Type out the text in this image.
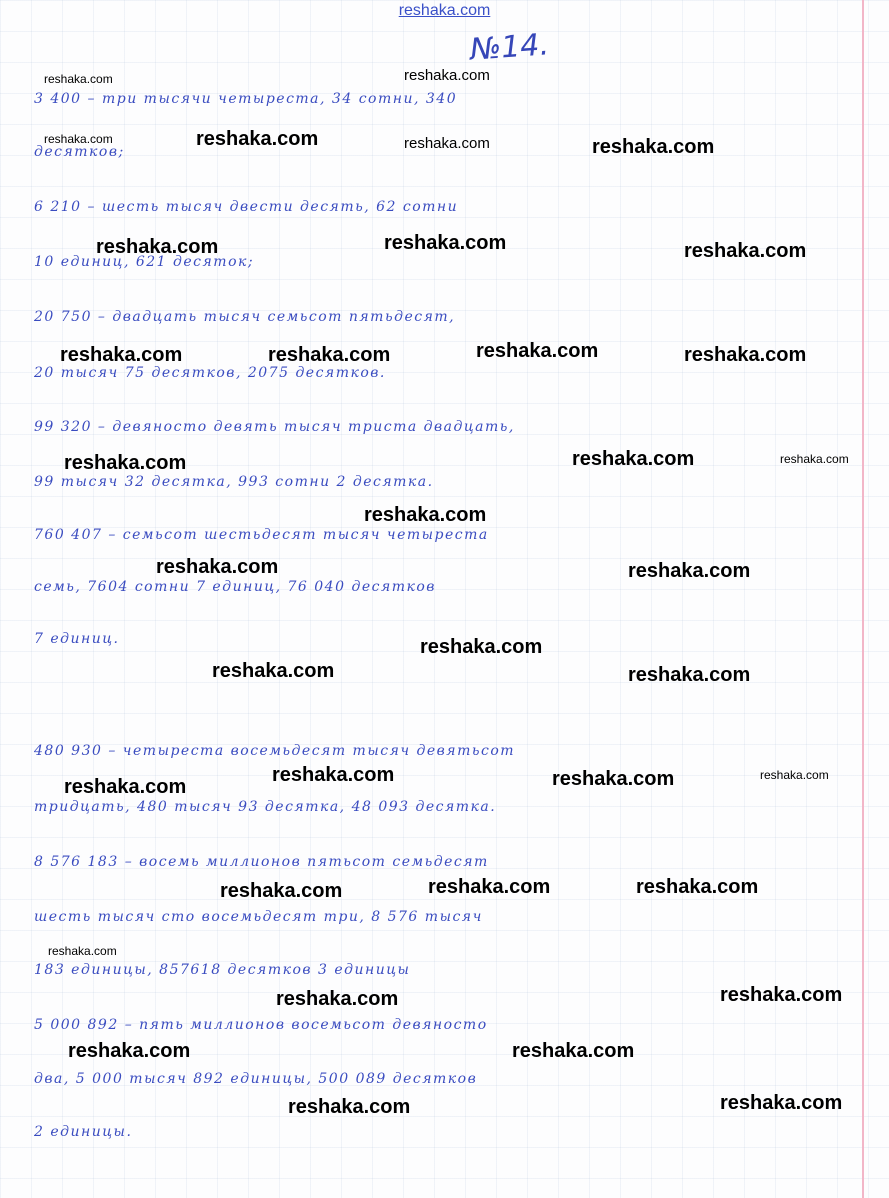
reshaka.com
№14.
3 400 – три тысячи четыреста, 34 сотни, 340
десятков;
6 210 – шесть тысяч двести десять, 62 сотни
10 единиц, 621 десяток;
20 750 – двадцать тысяч семьсот пятьдесят,
20 тысяч 75 десятков, 2075 десятков.
99 320 – девяносто девять тысяч триста двадцать,
99 тысяч 32 десятка, 993 сотни 2 десятка.
760 407 – семьсот шестьдесят тысяч четыреста
семь, 7604 сотни 7 единиц, 76 040 десятков
7 единиц.
480 930 – четыреста восемьдесят тысяч девятьсот
тридцать, 480 тысяч 93 десятка, 48 093 десятка.
8 576 183 – восемь миллионов пятьсот семьдесят
шесть тысяч сто восемьдесят три, 8 576 тысяч
183 единицы, 857618 десятков 3 единицы
5 000 892 – пять миллионов восемьсот девяносто
два, 5 000 тысяч 892 единицы, 500 089 десятков
2 единицы.
reshaka.com	reshaka.com
reshaka.com	reshaka.com	reshaka.com	reshaka.com
reshaka.com	reshaka.com	reshaka.com
reshaka.com	reshaka.com	reshaka.com	reshaka.com
reshaka.com	reshaka.com	reshaka.com
reshaka.com
reshaka.com	reshaka.com
reshaka.com
reshaka.com	reshaka.com
reshaka.com	reshaka.com
reshaka.com	reshaka.com
reshaka.com	reshaka.com
reshaka.com
reshaka.com
reshaka.com
reshaka.com
reshaka.com	reshaka.com
reshaka.com
reshaka.com
